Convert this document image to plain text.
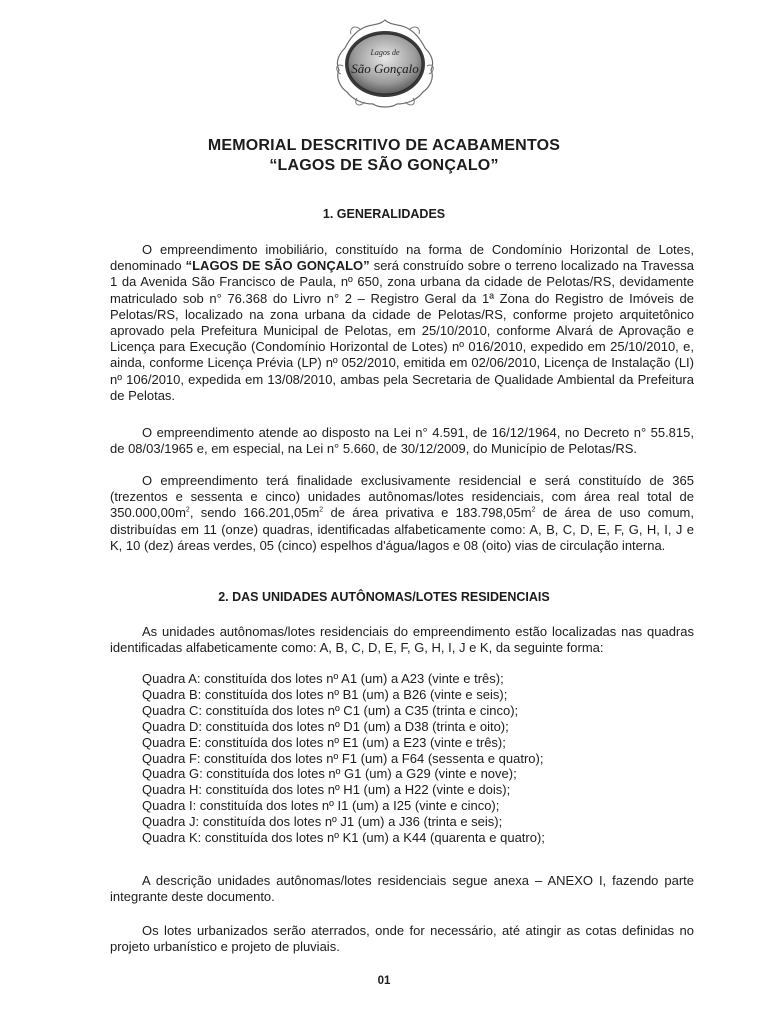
Lagos de
São Gonçalo
MEMORIAL DESCRITIVO DE ACABAMENTOS
“LAGOS DE SÃO GONÇALO”
1. GENERALIDADES

O empreendimento imobiliário, constituído na forma de Condomínio Horizontal de Lotes, denominado “LAGOS DE SÃO GONÇALO” será construído sobre o terreno localizado na Travessa 1 da Avenida São Francisco de Paula, nº 650, zona urbana da cidade de Pelotas/RS, devidamente matriculado sob n° 76.368 do Livro n° 2 – Registro Geral da 1ª Zona do Registro de Imóveis de Pelotas/RS, localizado na zona urbana da cidade de Pelotas/RS, conforme projeto arquitetônico aprovado pela Prefeitura Municipal de Pelotas, em 25/10/2010, conforme Alvará de Aprovação e Licença para Execução (Condomínio Horizontal de Lotes) nº 016/2010, expedido em 25/10/2010, e, ainda, conforme Licença Prévia (LP) nº 052/2010, emitida em 02/06/2010, Licença de Instalação (LI) nº 106/2010, expedida em 13/08/2010, ambas pela Secretaria de Qualidade Ambiental da Prefeitura de Pelotas.

O empreendimento atende ao disposto na Lei n° 4.591, de 16/12/1964, no Decreto n° 55.815, de 08/03/1965 e, em especial, na Lei n° 5.660, de 30/12/2009, do Município de Pelotas/RS.

O empreendimento terá finalidade exclusivamente residencial e será constituído de 365 (trezentos e sessenta e cinco) unidades autônomas/lotes residenciais, com área real total de $350.000,00m^2$, sendo $166.201,05m^2$ de área privativa e $183.798,05m^2$ de área de uso comum, distribuídas em 11 (onze) quadras, identificadas alfabeticamente como: A, B, C, D, E, F, G, H, I, J e K, 10 (dez) áreas verdes, 05 (cinco) espelhos d'água/lagos e 08 (oito) vias de circulação interna.

2. DAS UNIDADES AUTÔNOMAS/LOTES RESIDENCIAIS

As unidades autônomas/lotes residenciais do empreendimento estão localizadas nas quadras identificadas alfabeticamente como: A, B, C, D, E, F, G, H, I, J e K, da seguinte forma:

Quadra A: constituída dos lotes nº A1 (um) a A23 (vinte e três);
Quadra B: constituída dos lotes nº B1 (um) a B26 (vinte e seis);
Quadra C: constituída dos lotes nº C1 (um) a C35 (trinta e cinco);
Quadra D: constituída dos lotes nº D1 (um) a D38 (trinta e oito);
Quadra E: constituída dos lotes nº E1 (um) a E23 (vinte e três);
Quadra F: constituída dos lotes nº F1 (um) a F64 (sessenta e quatro);
Quadra G: constituída dos lotes nº G1 (um) a G29 (vinte e nove);
Quadra H: constituída dos lotes nº H1 (um) a H22 (vinte e dois);
Quadra I: constituída dos lotes nº I1 (um) a I25 (vinte e cinco);
Quadra J: constituída dos lotes nº J1 (um) a J36 (trinta e seis);
Quadra K: constituída dos lotes nº K1 (um) a K44 (quarenta e quatro);

A descrição unidades autônomas/lotes residenciais segue anexa – ANEXO I, fazendo parte integrante deste documento.

Os lotes urbanizados serão aterrados, onde for necessário, até atingir as cotas definidas no projeto urbanístico e projeto de pluviais.

01
